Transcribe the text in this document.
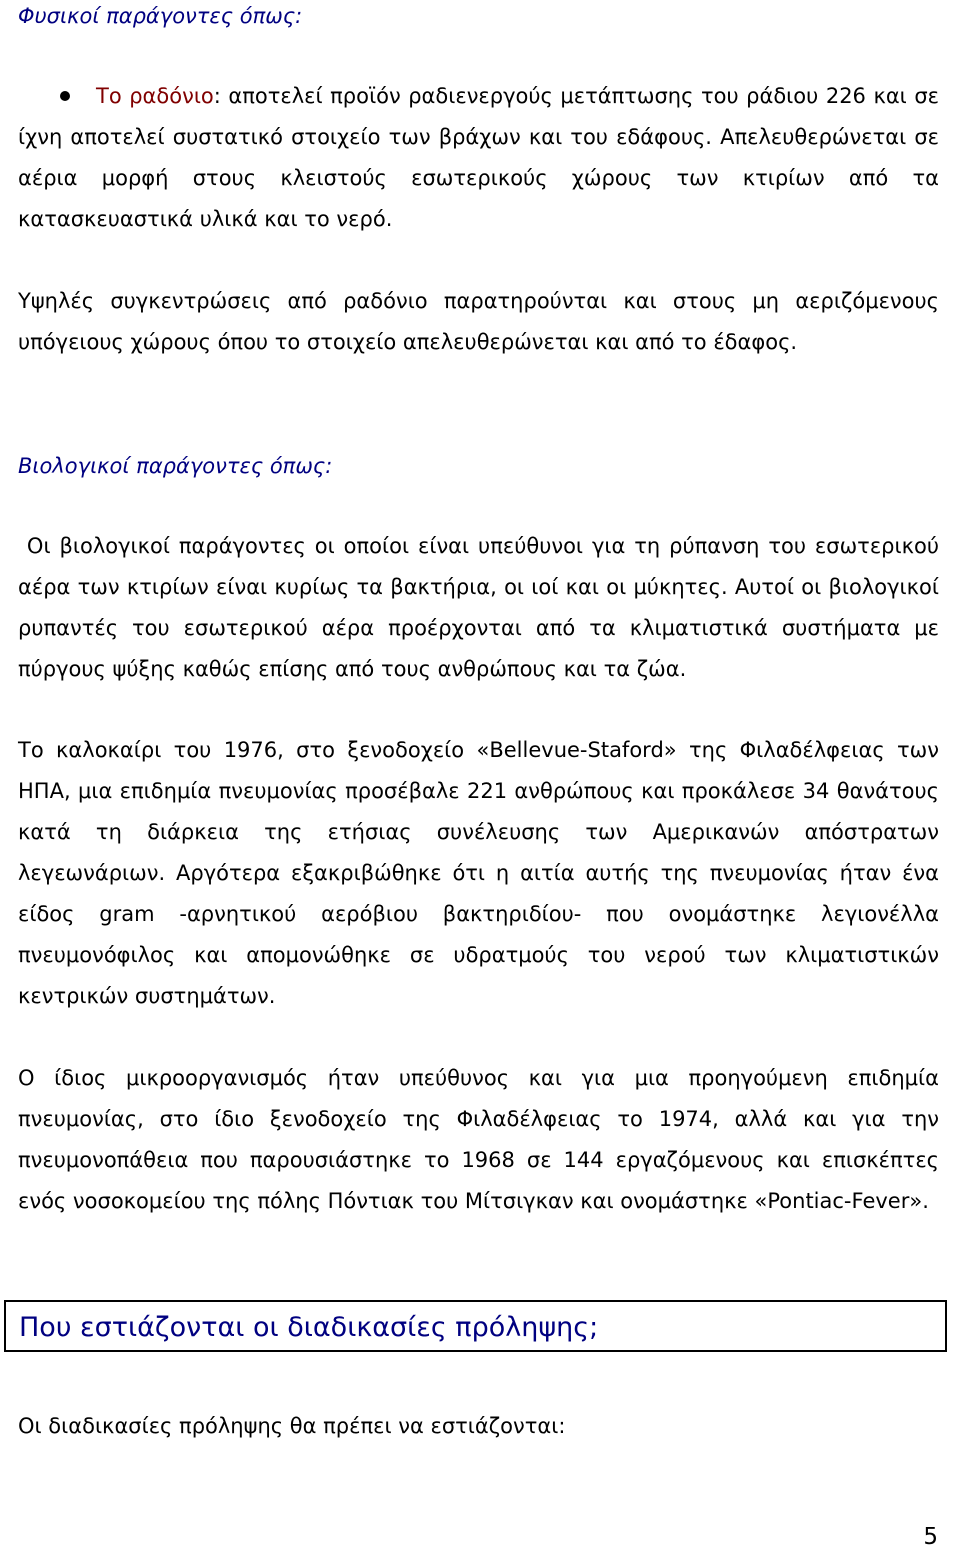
Φυσικοί παράγοντες όπως:

Το ραδόνιο: αποτελεί προϊόν ραδιενεργούς μετάπτωσης του ράδιου 226 και σε ίχνη αποτελεί συστατικό στοιχείο των βράχων και του εδάφους. Απελευθερώνεται σε αέρια μορφή στους κλειστούς εσωτερικούς χώρους των κτιρίων από τα κατασκευαστικά υλικά και το νερό.

Υψηλές συγκεντρώσεις από ραδόνιο παρατηρούνται και στους μη αεριζόμενους υπόγειους χώρους όπου το στοιχείο απελευθερώνεται και από το έδαφος.

Βιολογικοί παράγοντες όπως:

Οι βιολογικοί παράγοντες οι οποίοι είναι υπεύθυνοι για τη ρύπανση του εσωτερικού αέρα των κτιρίων είναι κυρίως τα βακτήρια, οι ιοί και οι μύκητες. Αυτοί οι βιολογικοί ρυπαντές του εσωτερικού αέρα προέρχονται από τα κλιματιστικά συστήματα με πύργους ψύξης καθώς επίσης από τους ανθρώπους και τα ζώα.

Το καλοκαίρι του 1976, στο ξενοδοχείο «Bellevue-Staford» της Φιλαδέλφειας των ΗΠΑ, μια επιδημία πνευμονίας προσέβαλε 221 ανθρώπους και προκάλεσε 34 θανάτους κατά τη διάρκεια της ετήσιας συνέλευσης των Αμερικανών απόστρατων λεγεωνάριων. Αργότερα εξακριβώθηκε ότι η αιτία αυτής της πνευμονίας ήταν ένα είδος gram -αρνητικού αερόβιου βακτηριδίου- που ονομάστηκε λεγιονέλλα πνευμονόφιλος και απομονώθηκε σε υδρατμούς του νερού των κλιματιστικών κεντρικών συστημάτων.

Ο ίδιος μικροοργανισμός ήταν υπεύθυνος και για μια προηγούμενη επιδημία πνευμονίας, στο ίδιο ξενοδοχείο της Φιλαδέλφειας το 1974, αλλά και για την πνευμονοπάθεια που παρουσιάστηκε το 1968 σε 144 εργαζόμενους και επισκέπτες ενός νοσοκομείου της πόλης Πόντιακ του Μίτσιγκαν και ονομάστηκε «Pontiac-Fever».

Οι διαδικασίες πρόληψης θα πρέπει να εστιάζονται:

Που εστιάζονται οι διαδικασίες πρόληψης;
5
